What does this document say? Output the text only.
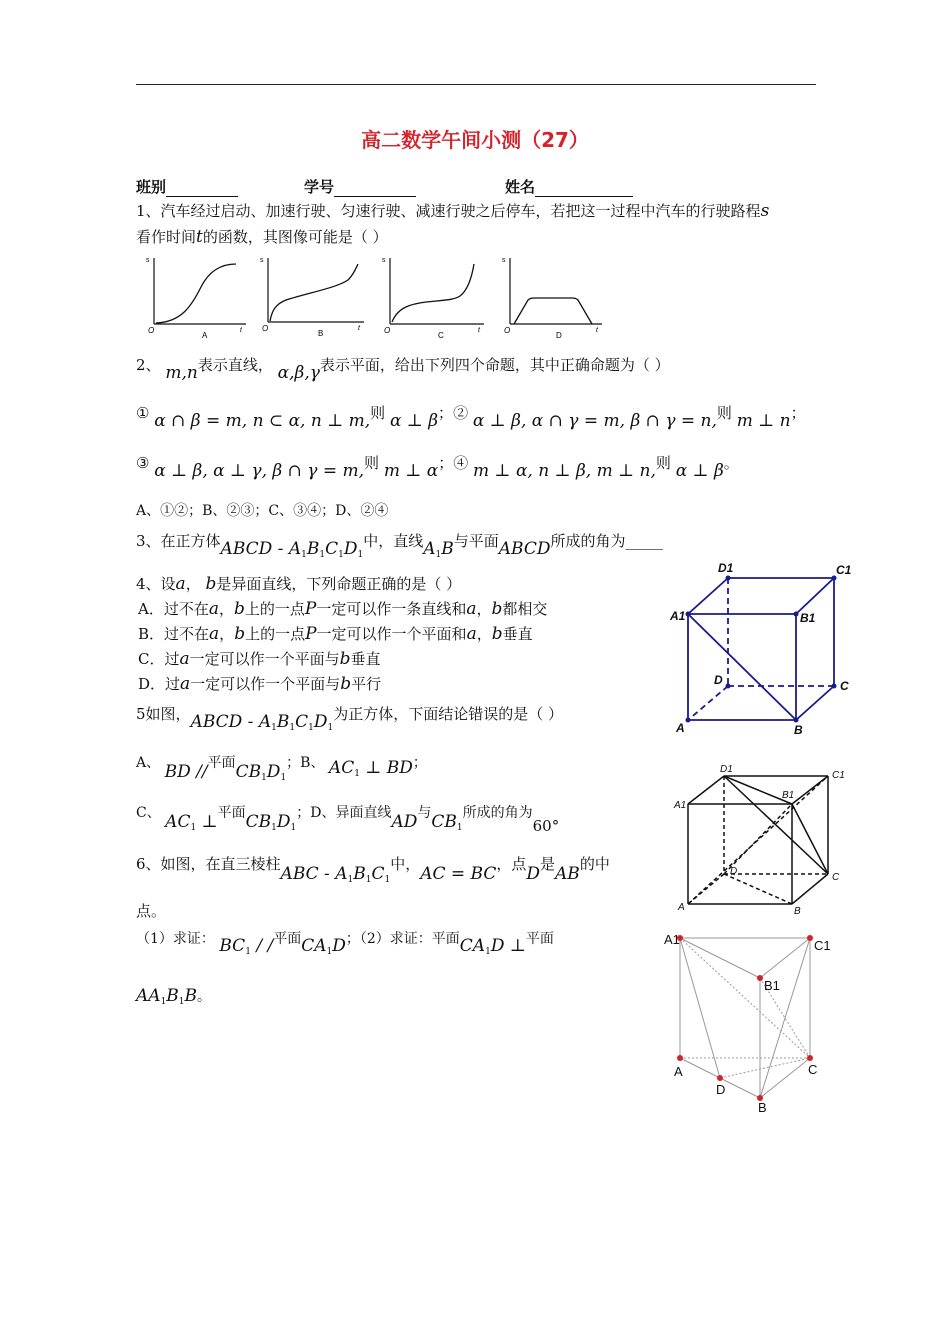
高二数学午间小测（27）
班别	学号	姓名
1、汽车经过启动、加速行驶、匀速行驶、减速行驶之后停车，若把这一过程中汽车的行驶路程s
看作时间t的函数，其图像可能是（ ）
s
O	t
A
s
O	t
B
s
O	t
C
s
O	t
D
2、 m,n表示直线， α,β,γ表示平面，给出下列四个命题，其中正确命题为（ ）
① α ∩ β = m, n ⊂ α, n ⊥ m,则 α ⊥ β；② α ⊥ β, α ∩ γ = m, β ∩ γ = n,则 m ⊥ n；
③ α ⊥ β, α ⊥ γ, β ∩ γ = m,则 m ⊥ α；④ m ⊥ α, n ⊥ β, m ⊥ n,则 α ⊥ β。
A、①②；B、②③；C、③④；D、②④
3、在正方体ABCD - $A_1B_1C_1D_1$中，直线$A_1B$与平面ABCD所成的角为_____
4、设a， b是异面直线，下列命题正确的是（ ）
A．过不在a，b上的一点P一定可以作一条直线和a，b都相交
B．过不在a，b上的一点P一定可以作一个平面和a，b垂直
C．过a一定可以作一个平面与b垂直
D．过a一定可以作一个平面与b平行
5如图，ABCD - $A_1B_1C_1D_1$为正方体，下面结论错误的是（ ）
A、 BD //平面$CB_1D_1$；B、 $AC_1$ ⊥ BD；
C、 $AC_1$ ⊥平面$CB_1D_1$；D、异面直线AD与$CB_1$所成的角为60°
6、如图，在直三棱柱ABC - $A_1B_1C_1$中，AC = BC，点D是AB的中
点。
（1）求证： $BC_1$ / /平面$CA_1D$；（2）求证：平面$CA_1D$ ⊥平面
$AA_1B_1B$。
D1	C1
A1	B1
D	C
A	B
D1
C1
A1
B1
D
C
A	B
A1	C1
B1
A	C
D
B
